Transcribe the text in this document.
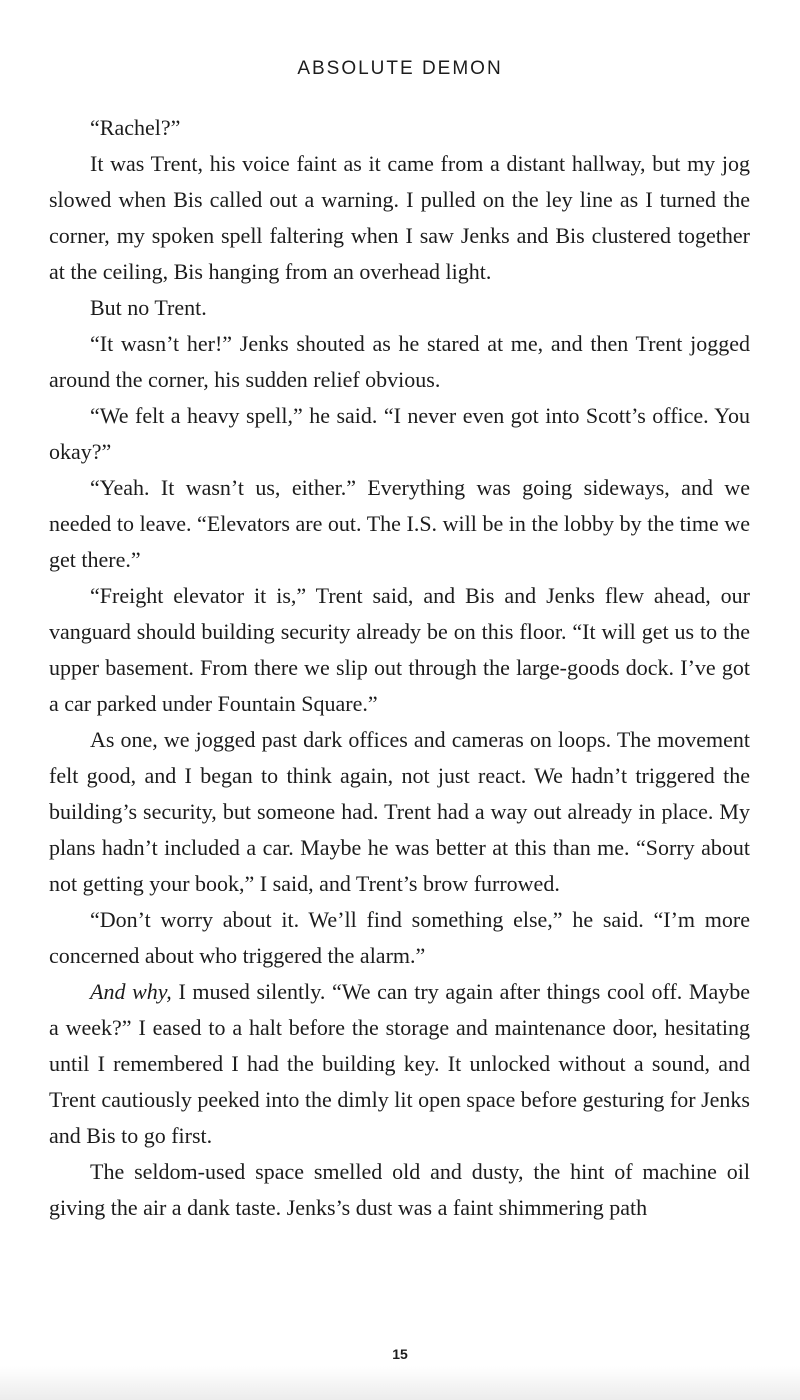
ABSOLUTE DEMON

“Rachel?”

It was Trent, his voice faint as it came from a distant hallway, but my jog slowed when Bis called out a warning. I pulled on the ley line as I turned the corner, my spoken spell faltering when I saw Jenks and Bis clustered together at the ceiling, Bis hanging from an overhead light.

But no Trent.

“It wasn’t her!” Jenks shouted as he stared at me, and then Trent jogged around the corner, his sudden relief obvious.

“We felt a heavy spell,” he said. “I never even got into Scott’s office. You okay?”

“Yeah. It wasn’t us, either.” Everything was going sideways, and we needed to leave. “Elevators are out. The I.S. will be in the lobby by the time we get there.”

“Freight elevator it is,” Trent said, and Bis and Jenks flew ahead, our vanguard should building security already be on this floor. “It will get us to the upper basement. From there we slip out through the large-goods dock. I’ve got a car parked under Fountain Square.”

As one, we jogged past dark offices and cameras on loops. The movement felt good, and I began to think again, not just react. We hadn’t triggered the building’s security, but someone had. Trent had a way out already in place. My plans hadn’t included a car. Maybe he was better at this than me. “Sorry about not getting your book,” I said, and Trent’s brow furrowed.

“Don’t worry about it. We’ll find something else,” he said. “I’m more concerned about who triggered the alarm.”

And why, I mused silently. “We can try again after things cool off. Maybe a week?” I eased to a halt before the storage and maintenance door, hesitating until I remembered I had the building key. It unlocked without a sound, and Trent cautiously peeked into the dimly lit open space before gesturing for Jenks and Bis to go first.

The seldom-used space smelled old and dusty, the hint of machine oil giving the air a dank taste. Jenks’s dust was a faint shimmering path

15
